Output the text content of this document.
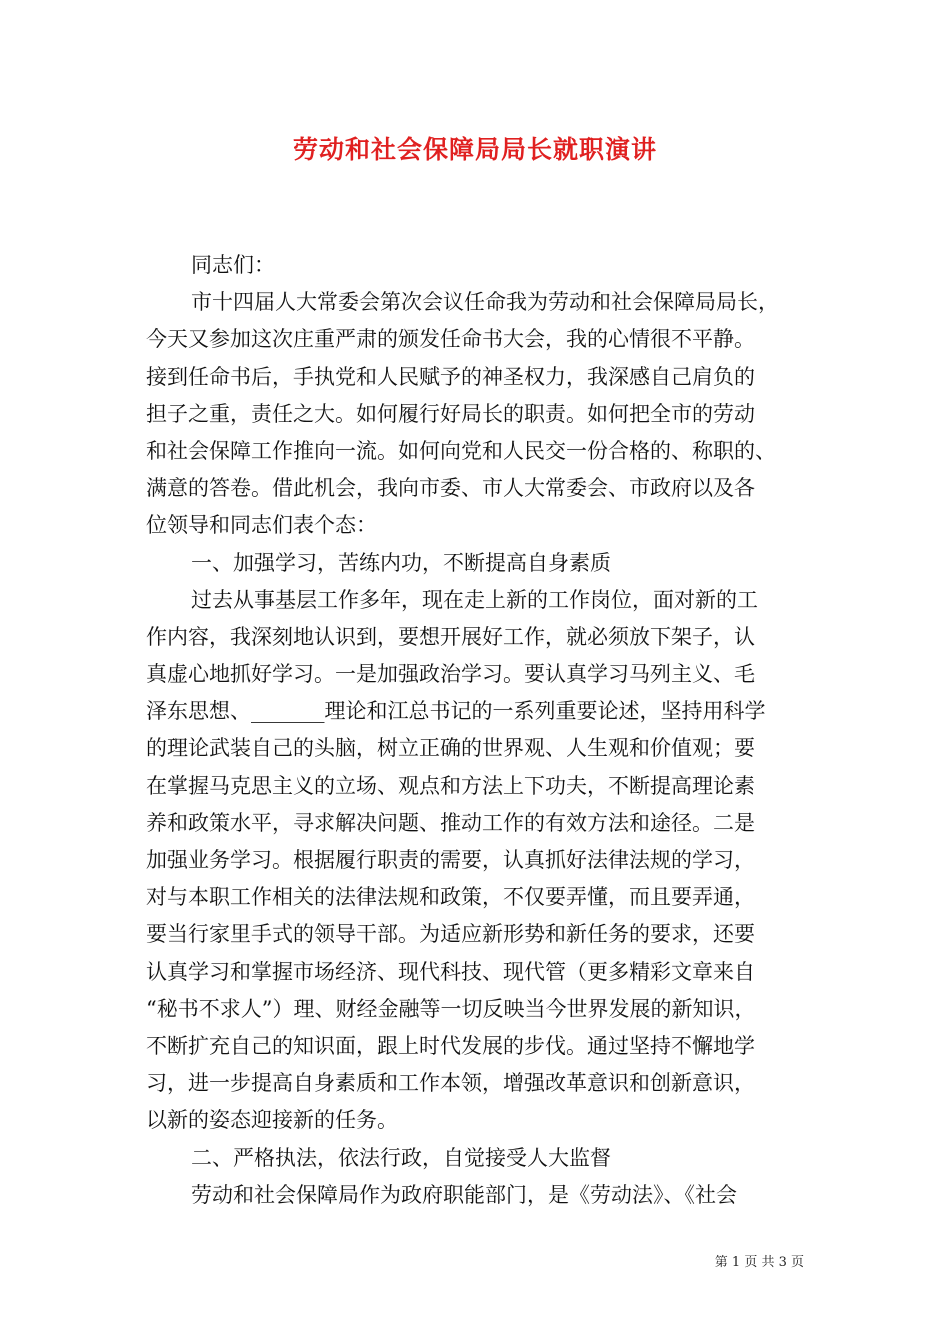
劳动和社会保障局局长就职演讲
同志们：
市十四届人大常委会第次会议任命我为劳动和社会保障局局长，
今天又参加这次庄重严肃的颁发任命书大会，我的心情很不平静。
接到任命书后，手执党和人民赋予的神圣权力，我深感自己肩负的
担子之重，责任之大。如何履行好局长的职责。如何把全市的劳动
和社会保障工作推向一流。如何向党和人民交一份合格的、称职的、
满意的答卷。借此机会，我向市委、市人大常委会、市政府以及各
位领导和同志们表个态：
一、加强学习，苦练内功，不断提高自身素质
过去从事基层工作多年，现在走上新的工作岗位，面对新的工
作内容，我深刻地认识到，要想开展好工作，就必须放下架子，认
真虚心地抓好学习。一是加强政治学习。要认真学习马列主义、毛
泽东思想、_______理论和江总书记的一系列重要论述，坚持用科学
的理论武装自己的头脑，树立正确的世界观、人生观和价值观；要
在掌握马克思主义的立场、观点和方法上下功夫，不断提高理论素
养和政策水平，寻求解决问题、推动工作的有效方法和途径。二是
加强业务学习。根据履行职责的需要，认真抓好法律法规的学习，
对与本职工作相关的法律法规和政策，不仅要弄懂，而且要弄通，
要当行家里手式的领导干部。为适应新形势和新任务的要求，还要
认真学习和掌握市场经济、现代科技、现代管（更多精彩文章来自
“秘书不求人”）理、财经金融等一切反映当今世界发展的新知识，
不断扩充自己的知识面，跟上时代发展的步伐。通过坚持不懈地学
习，进一步提高自身素质和工作本领，增强改革意识和创新意识，
以新的姿态迎接新的任务。
二、严格执法，依法行政，自觉接受人大监督
劳动和社会保障局作为政府职能部门，是《劳动法》、《社会
第 1 页 共 3 页
